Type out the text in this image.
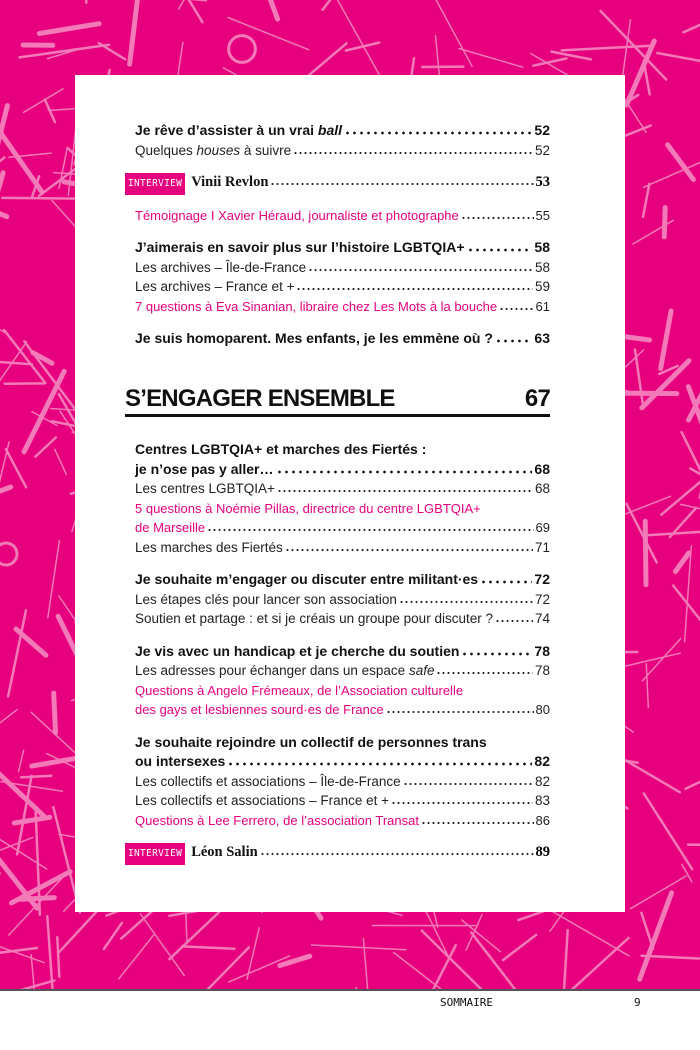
Je rêve d’assister à un vrai ball	52
Quelques houses à suivre	52
INTERVIEW Vinii Revlon	53
Témoignage I Xavier Héraud, journaliste et photographe	55
J’aimerais en savoir plus sur l’histoire LGBTQIA+	58
Les archives – Île-de-France	58
Les archives – France et +	59
7 questions à Eva Sinanian, libraire chez Les Mots à la bouche	61
Je suis homoparent. Mes enfants, je les emmène où ?	63
S’ENGAGER ENSEMBLE	67
Centres LGBTQIA+ et marches des Fiertés :
je n’ose pas y aller…	68
Les centres LGBTQIA+	68
5 questions à Noémie Pillas, directrice du centre LGBTQIA+
de Marseille	69
Les marches des Fiertés	71
Je souhaite m’engager ou discuter entre militant·es	72
Les étapes clés pour lancer son association	72
Soutien et partage : et si je créais un groupe pour discuter ?	74
Je vis avec un handicap et je cherche du soutien	78
Les adresses pour échanger dans un espace safe	78
Questions à Angelo Frémeaux, de l’Association culturelle
des gays et lesbiennes sourd·es de France	80
Je souhaite rejoindre un collectif de personnes trans
ou intersexes	82
Les collectifs et associations – Île-de-France	82
Les collectifs et associations – France et +	83
Questions à Lee Ferrero, de l’association Transat	86
INTERVIEW Léon Salin	89
SOMMAIRE	9
